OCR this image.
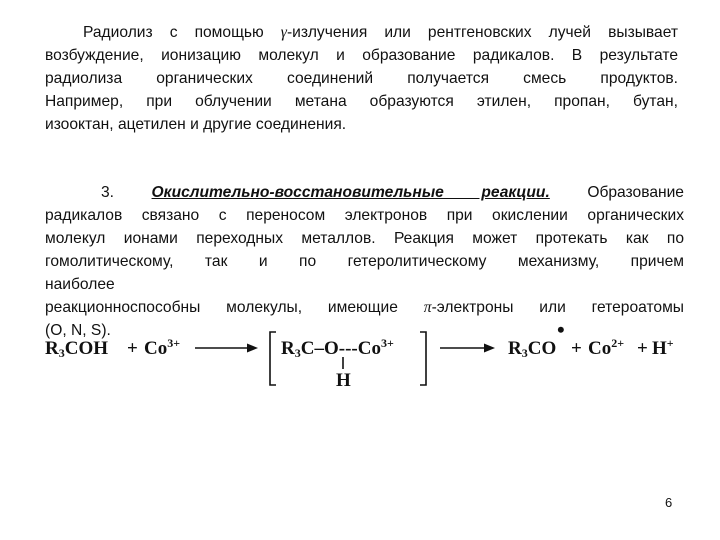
Радиолиз с помощью γ-излучения или рентгеновских лучей вызывает
возбуждение, ионизацию молекул и образование радикалов. В результате
радиолиза органических соединений получается смесь продуктов.
Например, при облучении метана образуются этилен, пропан, бутан,
изооктан, ацетилен и другие соединения.
3. Окислительно-восстановительные реакции. Образование
радикалов связано с переносом электронов при окислении органических
молекул ионами переходных металлов. Реакция может протекать как по
гомолитическому, так и по гетеролитическому механизму, причем
наиболее
реакционноспособны молекулы, имеющие π-электроны или гетероатомы
(O, N, S).
$R_3COH + Co^{3+}$	$R_3C-O---Co^{3+}$
H
$R_3CO$
•
+ $Co^{2+} + H^+$
6
